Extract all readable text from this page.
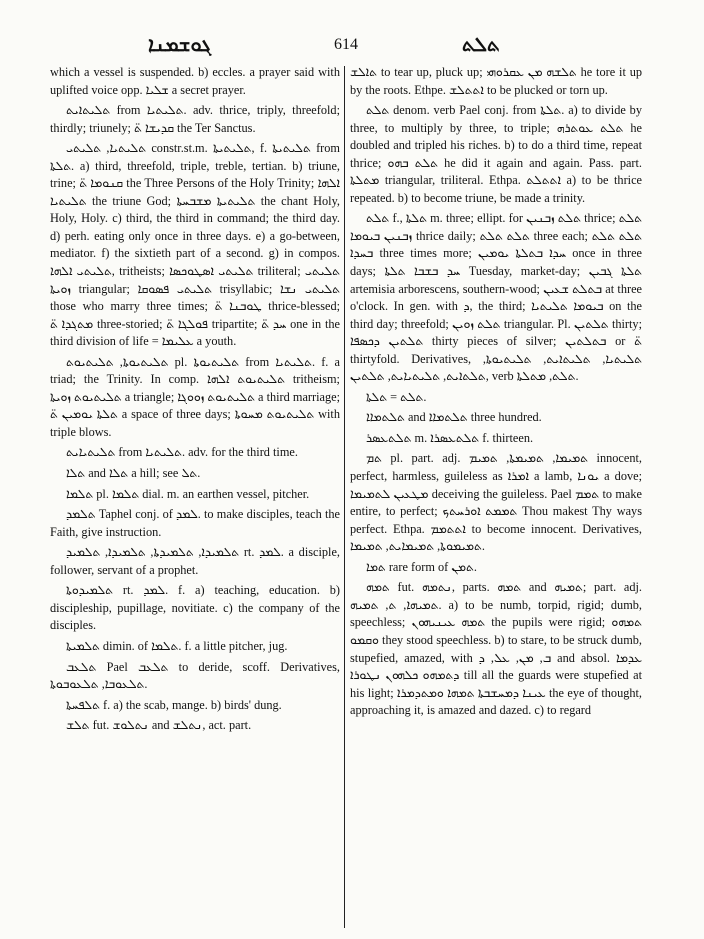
ܓܘܫܡܢܐ	614	ܬܠܬ

which a vessel is suspended. b) eccles. a prayer said with uplifted voice opp. ܫܠܝܐ a secret prayer.

ܬܠܝܬܐܝܬ from ܬܠܝܬܝܐ. adv. thrice, triply, threefold; thirdly; triunely; ܩܕܝܫܐ ܬ̈ the Ter Sanctus.

ܬܠܝܬܝܐ, ܬܠܝܬܝ constr.st.m. ܬܠܝܬܝܬܐ, f. ܬܠܝܬܝܬܐ from ܬܠܬܐ. a) third, threefold, triple, treble, tertian. b) triune, trine; ܩܢܘܡܐ ܬ̈ the Three Persons of the Holy Trinity; ܐܠܗܐ ܬܠܝܬܝܐ the triune God; ܬܠܝܬܝܬܐ ܡܫܒܚܬܐ the chant Holy, Holy, Holy. c) third, the third in command; the third day. d) perh. eating only once in three days. e) a go-between, mediator. f) the sixtieth part of a second. g) in compos. ܬܠܝܬܝ ܐܠܗܐ, tritheists; ܬܠܝܬܝ ܐܣܛܘܟܣܐ triliteral; ܬܠܝܬܝ ܙܘܝܬܐ triangular; ܬܠܝܬܝ ܦܣܘܩܐ trisyllabic; ܬܠܝܬܝ ܢܫܐ those who marry three times; ܛܘܒܢܐ ܬ̈ thrice-blessed; ܡܬܓܕܐ ܬ̈ three-storied; ܦܘܠܓܐ ܬ̈ tripartite; ܚܕ ܬ̈ one in the third division of life = ܥܠܝܡܐ a youth.

ܬܠܝܬܝܘܬܐ, ܬܠܝܬܝܘܬ pl. ܬܠܝܬܝܘܬܐ from ܬܠܝܬܝܐ. f. a triad; the Trinity. In comp. ܬܠܝܬܝܘܬ ܐܠܗܐ tritheism; ܬܠܝܬܝܘܬ ܙܘܝܬܐ a triangle; ܬܠܝܬܝܘܬ ܙܘܘܓܐ a third marriage; ܬܠܬܐ ܝܘܡܝܢ ܬ̈ a space of three days; ܬܠܝܬܝܘܬ ܡܚܘܬܐ with triple blows.

ܬܠܝܬܝܐܝܬ from ܬܠܝܬܝܐ. adv. for the third time.

ܬܠܐ and ܬܠܐ a hill; see ܬܠ.

ܬܠܡܐ pl. ܬܠܡܐ dial. m. an earthen vessel, pitcher.

ܬܠܡܕ Taphel conj. of ܠܡܕ. to make disciples, teach the Faith, give instruction.

ܬܠܡܝܕܐ, ܬܠܡܝܕܬܐ, ܬܠܡܝܕܐ, ܬܠܡܝܕ rt. ܠܡܕ. a disciple, follower, servant of a prophet.

ܬܠܡܝܕܘܬܐ rt. ܠܡܕ. f. a) teaching, education. b) discipleship, pupillage, novitiate. c) the company of the disciples.

ܬܠܡܝܬܐ dimin. of ܬܠܡܐ. f. a little pitcher, jug.

ܬܠܥܒ Pael ܬܠܥܒ to deride, scoff. Derivatives, ܬܠܥܘܒܐ, ܬܠܥܘܒܘܬܐ.

ܬܠܦܚܬܐ f. a) the scab, mange. b) birds' dung.

ܬܠܫ fut. ܢܬܠܘܫ and ܢܬܠܫ, act. part.

ܬܐܠܫ to tear up, pluck up; ܬܠܫܗ ܡܢ ܥܩܪܘܗܝ he tore it up by the roots. Ethpe. ܐܬܬܠܫ to be plucked or torn up.

ܬܠܬ denom. verb Pael conj. from ܬܠܬܐ. a) to divide by three, to multiply by three, to triple; ܬܠܬ ܥܘܬܪܗ he doubled and tripled his riches. b) to do a third time, repeat thrice; ܬܠܬ ܒܗܘ he did it again and again. Pass. part. ܡܬܠܬܐ triangular, triliteral. Ethpa. ܐܬܬܠܬ a) to be thrice repeated. b) to become triune, be made a trinity.

ܬܠܬ f., ܬܠܬܐ m. three; ellipt. for ܬܠܬ ܙܒܢܝܢ thrice; ܬܠܬ ܙܒܢܝܢ ܒܝܘܡܐ thrice daily; ܬܠܬ ܬܠܬ three each; ܬܠܬ ܬܠܬ ܒܚܕܐ three times more; ܚܕܐ ܒܬܠܬܐ ܝܘܡܝܢ once in three days; ܚܕ ܒܫܒܐ ܬܠܬܐ Tuesday, market-day; ܬܠܬܐ ܓܒܝܢ artemisia arborescens, southern-wood; ܒܬܠܬ ܫܥܝܢ at three o'clock. In gen. with ܕ, the third; ܒܝܘܡܐ ܬܠܝܬܝܐ on the third day; threefold; ܬܠܬ ܙܘܝܢ triangular. Pl. ܬܠܬܝܢ thirty; ܬܠܬܝܢ ܕܟܣܦܐ thirty pieces of silver; ܒܬܠܬܝܢ or ܬ̈ thirtyfold. Derivatives, ܬܠܝܬܝܐ, ܬܠܝܬܐܝܬ, ܬܠܝܬܝܘܬܐ, ܬܠܬܐܝܬ, ܬܠܝܬܝܐܝܬ, ܬܠܬܝܢ, verb ܬܠܬ, ܡܬܠܬܐ.

ܬܠܬ = ܬܠܬܐ.

ܬܠܬܡܐܐ and ܬܠܬܡܐܐ three hundred.

ܬܠܬܥܣܪ m. ܬܠܬܥܣܪܐ f. thirteen.

ܬܡ pl. part. adj. ܬܡܝܡܐ, ܬܡܝܡܬܐ, ܬܡܝܡ innocent, perfect, harmless, guileless as ܐܡܪܐ a lamb, ܝܘܢܐ a dove; ܡܛܥܝܢ ܠܬܡܝܡܐ deceiving the guileless. Pael ܬܡܡ to make entire, to perfect; ܬܡܡܬ ܐܘܪܚܬܟ Thou makest Thy ways perfect. Ethpa. ܐܬܬܡܡ to become innocent. Derivatives, ܬܡܝܡܘܬܐ, ܬܡܝܡܐܝܬ, ܬܡܝܡܐ.

ܬܡܐ rare form of ܬܡܢ.

ܬܡܗ fut. ܢܬܡܗ, parts. ܬܡܗ and ܬܡܝܗ; part. adj. ܬܡܝܗܐ, ܬ, ܬܡܝܗ. a) to be numb, torpid, rigid; dumb, speechless; ܬܡܗ ܥܝܢܝܗܘܢ the pupils were rigid; ܬܡܗܘ ܘܩܡܘ they stood speechless. b) to stare, to be struck dumb, stupefied, amazed, with ܒ, ܡܢ, ܥܠ, ܕ and absol. ܥܕܡܐ ܕܬܡܗܘ ܟܠܗܘܢ ܢܛܘܪܐ till all the guards were stupefied at his light; ܥܝܢܐ ܕܡܚܫܒܬܐ ܬܡܗܐ ܘܡܬܕܡܪܐ the eye of thought, approaching it, is amazed and dazed. c) to regard
